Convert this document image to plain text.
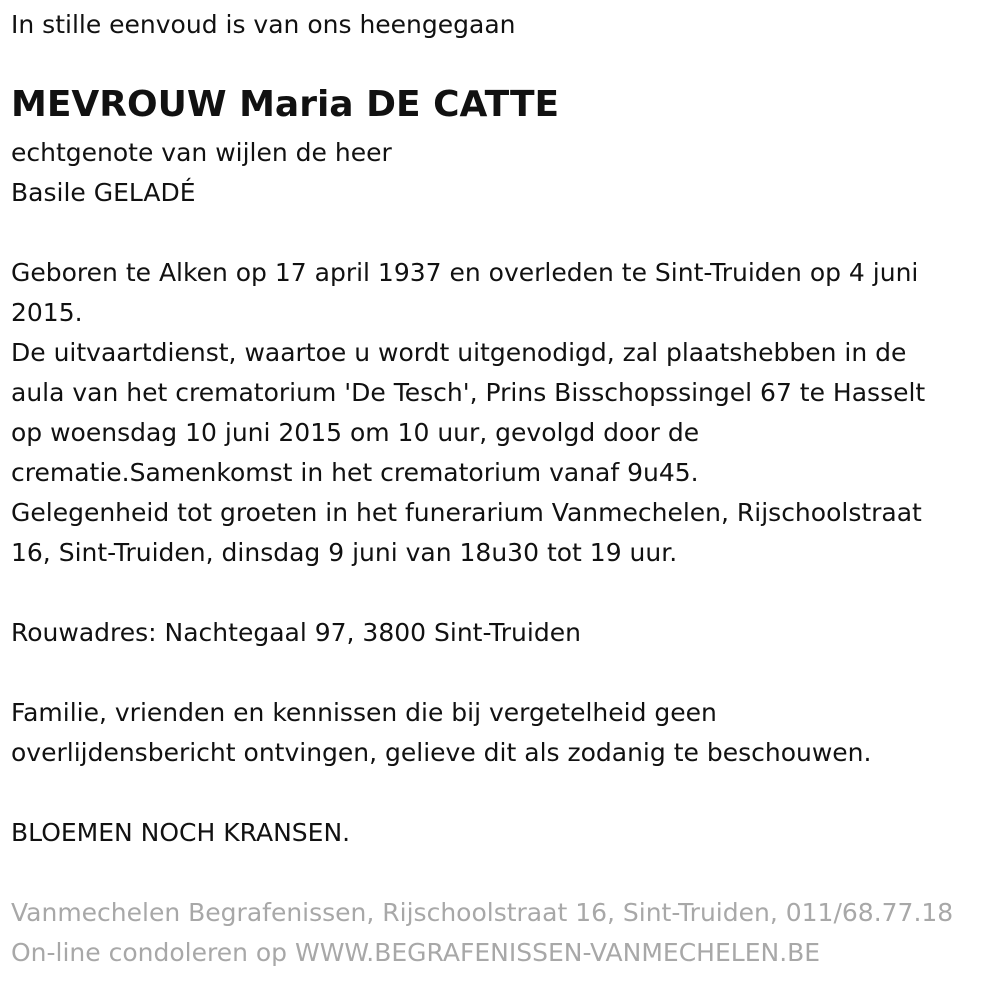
In stille eenvoud is van ons heengegaan

MEVROUW Maria DE CATTE

echtgenote van wijlen de heer

Basile GELADÉ

Geboren te Alken op 17 april 1937 en overleden te Sint-Truiden op 4 juni

2015.

De uitvaartdienst, waartoe u wordt uitgenodigd, zal plaatshebben in de

aula van het crematorium 'De Tesch', Prins Bisschopssingel 67 te Hasselt

op woensdag 10 juni 2015 om 10 uur, gevolgd door de

crematie.Samenkomst in het crematorium vanaf 9u45.

Gelegenheid tot groeten in het funerarium Vanmechelen, Rijschoolstraat

16, Sint-Truiden, dinsdag 9 juni van 18u30 tot 19 uur.

Rouwadres: Nachtegaal 97, 3800 Sint-Truiden

Familie, vrienden en kennissen die bij vergetelheid geen

overlijdensbericht ontvingen, gelieve dit als zodanig te beschouwen.

BLOEMEN NOCH KRANSEN.

Vanmechelen Begrafenissen, Rijschoolstraat 16, Sint-Truiden, 011/68.77.18

On-line condoleren op WWW.BEGRAFENISSEN-VANMECHELEN.BE
